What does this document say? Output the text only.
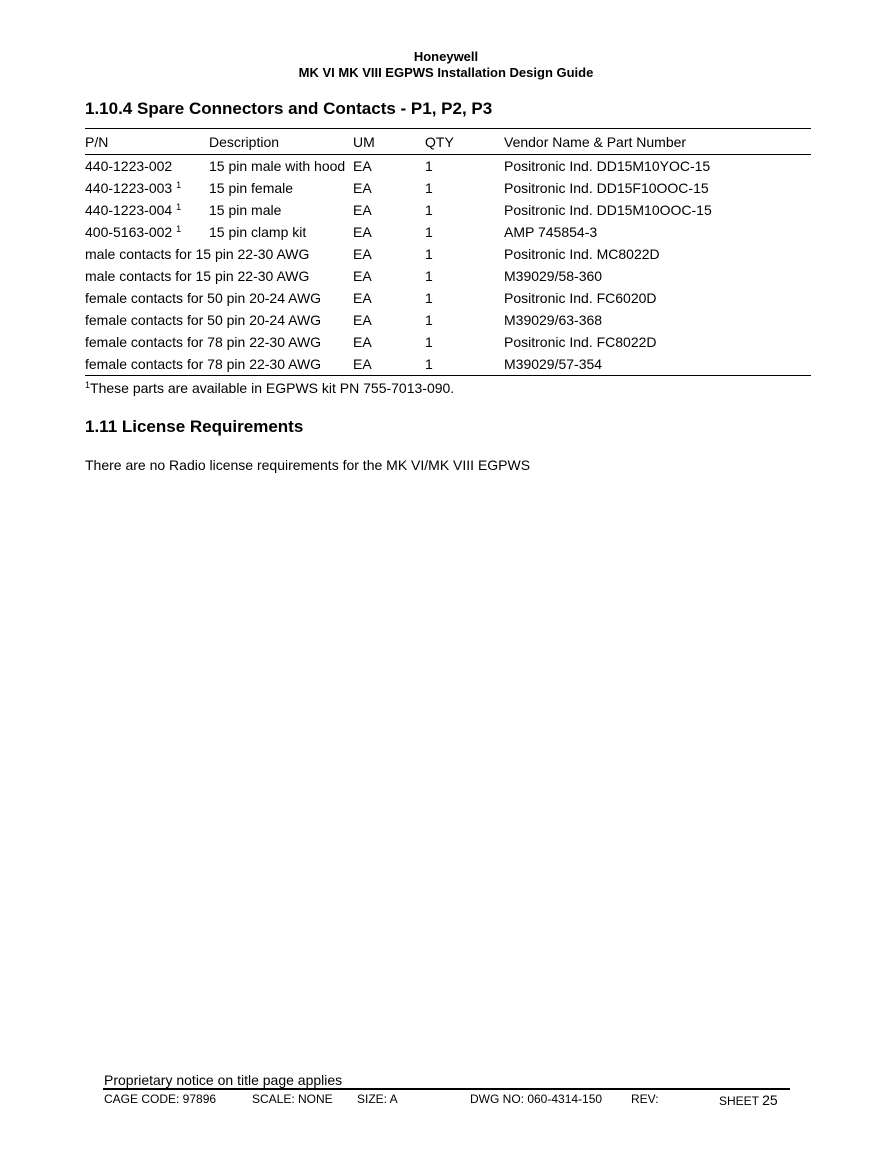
Honeywell
MK VI MK VIII EGPWS Installation Design Guide
1.10.4 Spare Connectors and Contacts - P1, P2, P3
P/N	Description	UM	QTY	Vendor Name & Part Number
440-1223-002	15 pin male with hood	EA	1	Positronic Ind. DD15M10YOC-15
440-1223-003 $^1$	15 pin female	EA	1	Positronic Ind. DD15F10OOC-15
440-1223-004 $^1$	15 pin male	EA	1	Positronic Ind. DD15M10OOC-15
400-5163-002 $^1$	15 pin clamp kit	EA	1	AMP 745854-3
male contacts for 15 pin 22-30 AWG		EA	1	Positronic Ind. MC8022D
male contacts for 15 pin 22-30 AWG		EA	1	M39029/58-360
female contacts for 50 pin 20-24 AWG		EA	1	Positronic Ind. FC6020D
female contacts for 50 pin 20-24 AWG		EA	1	M39029/63-368
female contacts for 78 pin 22-30 AWG		EA	1	Positronic Ind. FC8022D
female contacts for 78 pin 22-30 AWG		EA	1	M39029/57-354
$^1$These parts are available in EGPWS kit PN 755-7013-090.
1.11 License Requirements
There are no Radio license requirements for the MK VI/MK VIII EGPWS
Proprietary notice on title page applies
CAGE CODE: 97896	SCALE: NONE SIZE: A	DWG NO: 060-4314-150 REV:	SHEET 25
